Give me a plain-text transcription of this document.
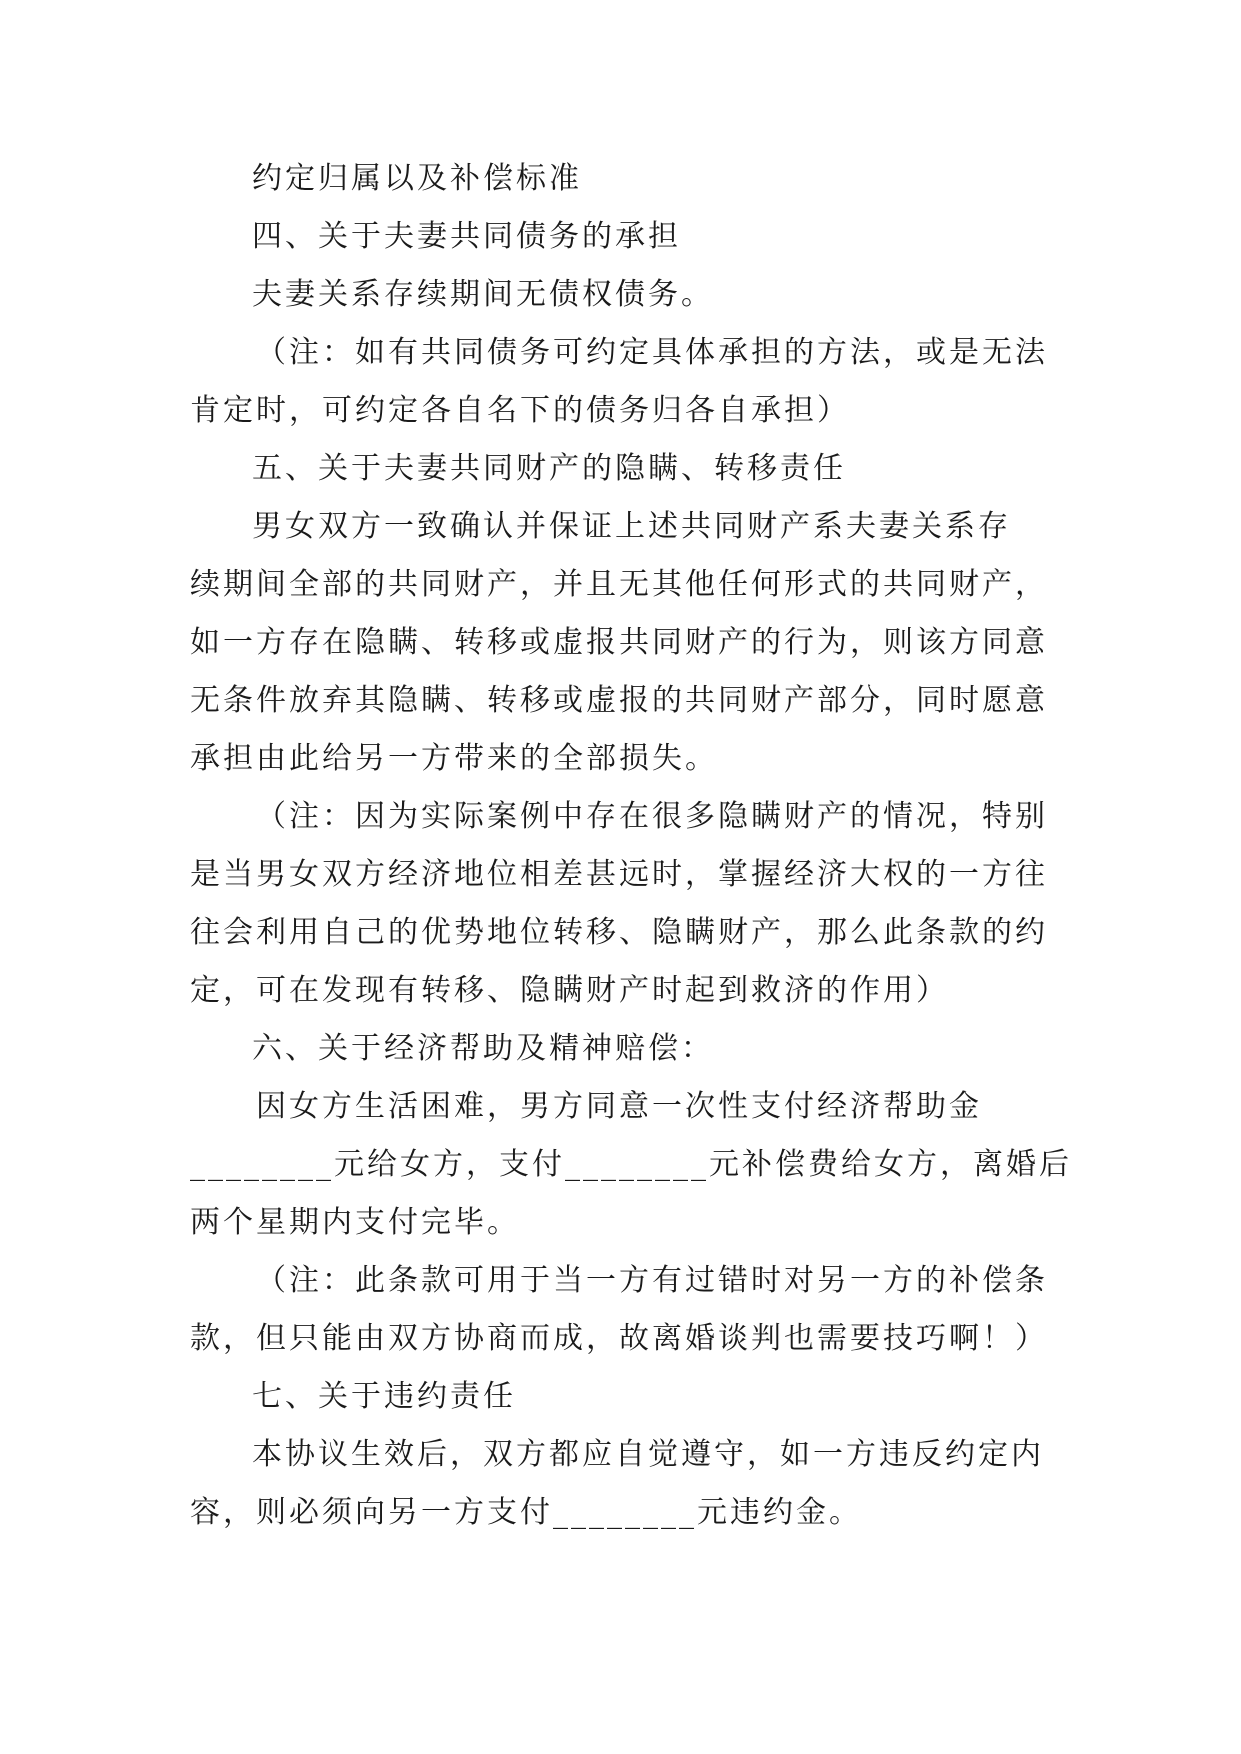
约定归属以及补偿标准
四、关于夫妻共同债务的承担
夫妻关系存续期间无债权债务。
（注：如有共同债务可约定具体承担的方法，或是无法
肯定时，可约定各自名下的债务归各自承担）
五、关于夫妻共同财产的隐瞒、转移责任
男女双方一致确认并保证上述共同财产系夫妻关系存
续期间全部的共同财产，并且无其他任何形式的共同财产，
如一方存在隐瞒、转移或虚报共同财产的行为，则该方同意
无条件放弃其隐瞒、转移或虚报的共同财产部分，同时愿意
承担由此给另一方带来的全部损失。
（注：因为实际案例中存在很多隐瞒财产的情况，特别
是当男女双方经济地位相差甚远时，掌握经济大权的一方往
往会利用自己的优势地位转移、隐瞒财产，那么此条款的约
定，可在发现有转移、隐瞒财产时起到救济的作用）
六、关于经济帮助及精神赔偿：
因女方生活困难，男方同意一次性支付经济帮助金
________元给女方，支付________元补偿费给女方，离婚后
两个星期内支付完毕。
（注：此条款可用于当一方有过错时对另一方的补偿条
款，但只能由双方协商而成，故离婚谈判也需要技巧啊！）
七、关于违约责任
本协议生效后，双方都应自觉遵守，如一方违反约定内
容，则必须向另一方支付________元违约金。
